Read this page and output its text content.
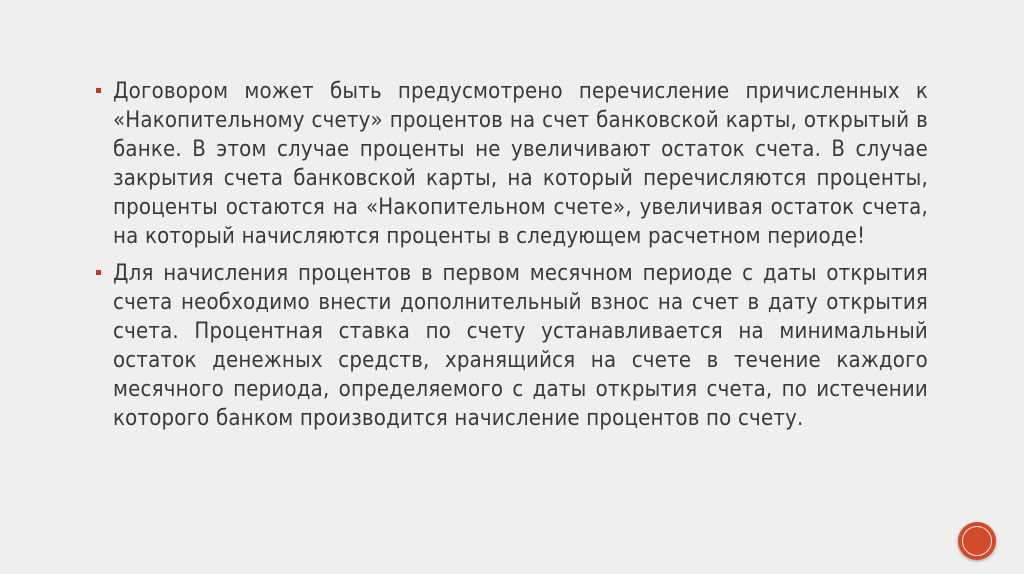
Договором может быть предусмотрено перечисление причисленных к «Накопительному счету» процентов на счет банковской карты, открытый в банке. В этом случае проценты не увеличивают остаток счета. В случае закрытия счета банковской карты, на который перечисляются проценты, проценты остаются на «Накопительном счете», увеличивая остаток счета, на который начисляются проценты в следующем расчетном периоде!

Для начисления процентов в первом месячном периоде с даты открытия счета необходимо внести дополнительный взнос на счет в дату открытия счета. Процентная ставка по счету устанавливается на минимальный остаток денежных средств, хранящийся на счете в течение каждого месячного периода, определяемого с даты открытия счета, по истечении которого банком производится начисление процентов по счету.
